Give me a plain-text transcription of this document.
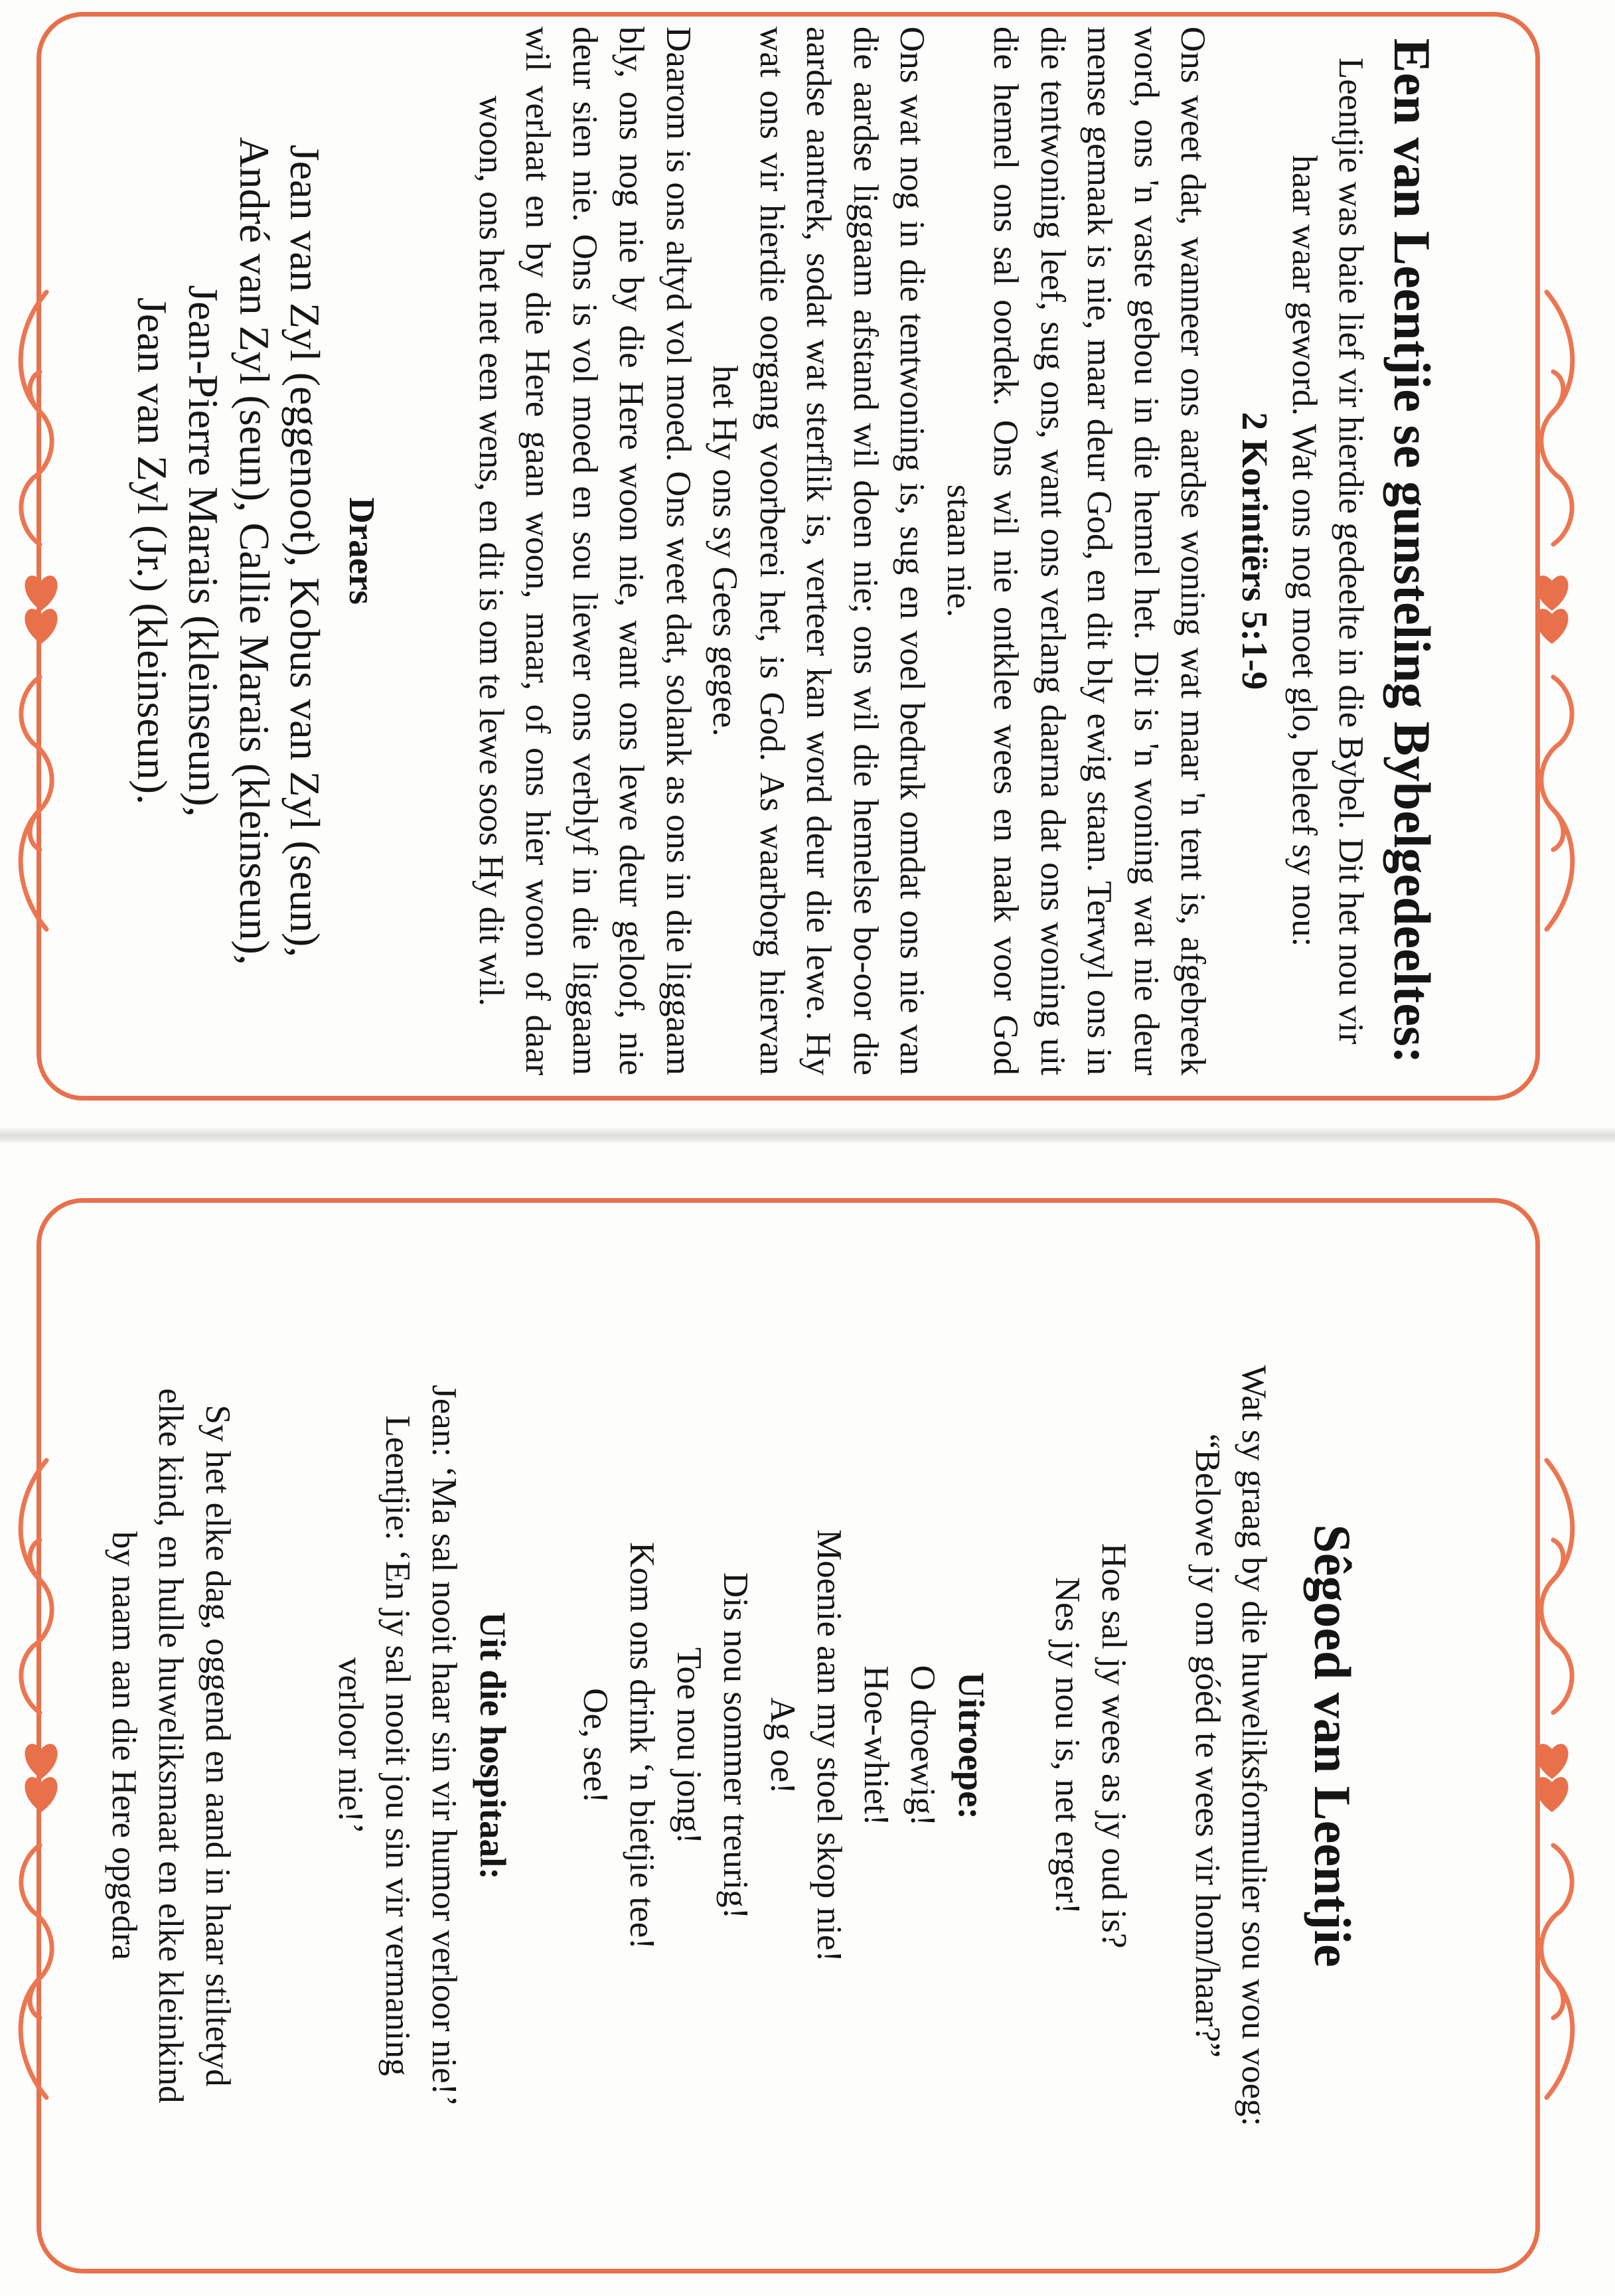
Een van Leentjie se gunsteling Bybelgedeeltes:
Leentjie was baie lief vir hierdie gedeelte in die Bybel. Dit het nou vir haar waar geword. Wat ons nog moet glo, beleef sy nou:
2 Korintiërs 5:1-9
Ons weet dat, wanneer ons aardse woning wat maar 'n tent is, afgebreek word, ons 'n vaste gebou in die hemel het. Dit is 'n woning wat nie deur mense gemaak is nie, maar deur God, en dit bly ewig staan. Terwyl ons in die tentwoning leef, sug ons, want ons verlang daarna dat ons woning uit die hemel ons sal oordek. Ons wil nie ontklee wees en naak voor God staan nie.
Ons wat nog in die tentwoning is, sug en voel bedruk omdat ons nie van die aardse liggaam afstand wil doen nie; ons wil die hemelse bo-oor die aardse aantrek, sodat wat sterflik is, verteer kan word deur die lewe. Hy wat ons vir hierdie oorgang voorberei het, is God. As waarborg hiervan het Hy ons sy Gees gegee.
Daarom is ons altyd vol moed. Ons weet dat, solank as ons in die liggaam bly, ons nog nie by die Here woon nie, want ons lewe deur geloof, nie deur sien nie. Ons is vol moed en sou liewer ons verblyf in die liggaam wil verlaat en by die Here gaan woon, maar, of ons hier woon of daar woon, ons het net een wens, en dit is om te lewe soos Hy dit wil.
Draers
Jean van Zyl (eggenoot), Kobus van Zyl (seun),
André van Zyl (seun), Callie Marais (kleinseun),
Jean-Pierre Marais (kleinseun),
Jean van Zyl (Jr.) (kleinseun).
Sêgoed van Leentjie
Wat sy graag by die huweliksformulier sou wou voeg:
“Belowe jy om góéd te wees vir hom/haar?”
Hoe sal jy wees as jy oud is?
Nes jy nou is, net erger!
Uitroepe:
O droewig!
Hoe-whiet!
Moenie aan my stoel skop nie!
Ag oe!
Dis nou sommer treurig!
Toe nou jong!
Kom ons drink ‘n bietjie tee!
Oe, see!
Uit die hospitaal:
Jean: ‘Ma sal nooit haar sin vir humor verloor nie!’
Leentjie: ‘En jy sal nooit jou sin vir vermaning
verloor nie!’
Sy het elke dag, oggend en aand in haar stiltetyd
elke kind, en hulle huweliksmaat en elke kleinkind
by naam aan die Here opgedra
